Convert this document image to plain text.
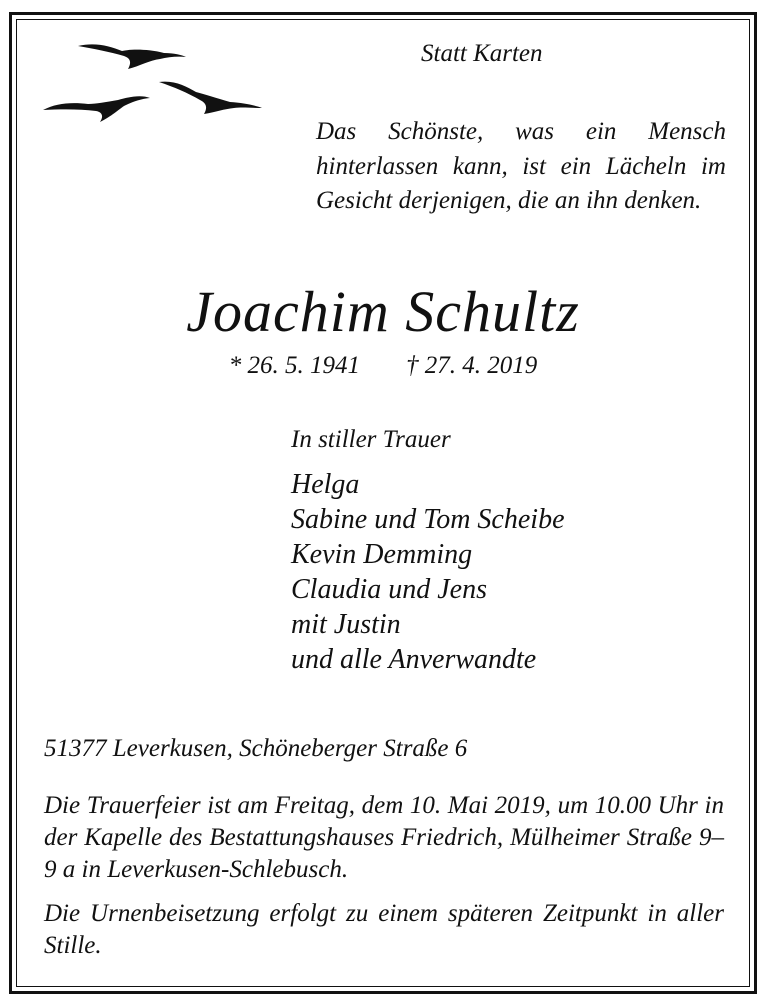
Statt Karten
Das Schönste, was ein Mensch hinterlassen kann, ist ein Lächeln im Gesicht derjenigen, die an ihn denken.
Joachim Schultz
* 26. 5. 1941 † 27. 4. 2019
In stiller Trauer
Helga
Sabine und Tom Scheibe
Kevin Demming
Claudia und Jens
mit Justin
und alle Anverwandte
51377 Leverkusen, Schöneberger Straße 6
Die Trauerfeier ist am Freitag, dem 10. Mai 2019, um 10.00 Uhr in der Kapelle des Bestattungshauses Friedrich, Mülheimer Straße 9–9 a in Leverkusen-Schlebusch.
Die Urnenbeisetzung erfolgt zu einem späteren Zeitpunkt in aller Stille.
